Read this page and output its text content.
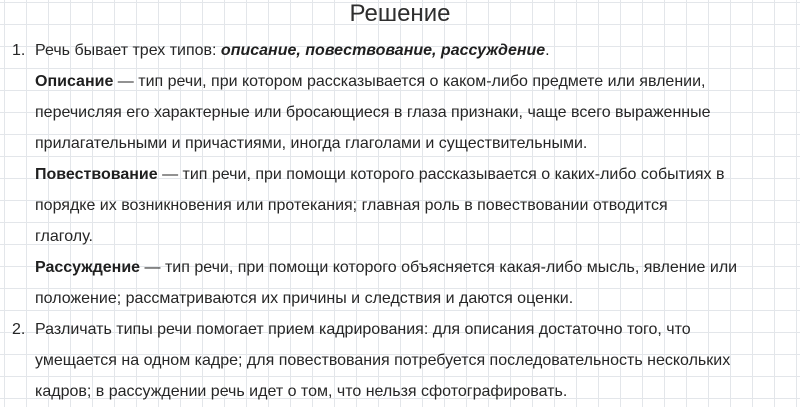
Решение
1. Речь бывает трех типов: описание, повествование, рассуждение.
Описание — тип речи, при котором рассказывается о каком-либо предмете или явлении,
перечисляя его характерные или бросающиеся в глаза признаки, чаще всего выраженные
прилагательными и причастиями, иногда глаголами и существительными.
Повествование — тип речи, при помощи которого рассказывается о каких-либо событиях в
порядке их возникновения или протекания; главная роль в повествовании отводится
глаголу.
Рассуждение — тип речи, при помощи которого объясняется какая-либо мысль, явление или
положение; рассматриваются их причины и следствия и даются оценки.
2. Различать типы речи помогает прием кадрирования: для описания достаточно того, что
умещается на одном кадре; для повествования потребуется последовательность нескольких
кадров; в рассуждении речь идет о том, что нельзя сфотографировать.
